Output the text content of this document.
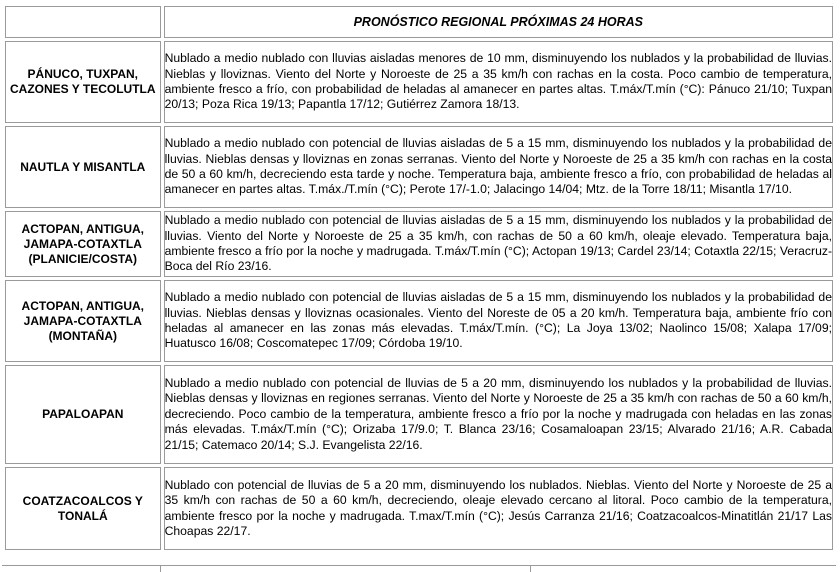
	PRONÓSTICO REGIONAL PRÓXIMAS 24 HORAS
PÁNUCO, TUXPAN, CAZONES Y TECOLUTLA	Nublado a medio nublado con lluvias aisladas menores de 10 mm, disminuyendo los nublados y la probabilidad de lluvias. Nieblas y lloviznas. Viento del Norte y Noroeste de 25 a 35 km/h con rachas en la costa. Poco cambio de temperatura, ambiente fresco a frío, con probabilidad de heladas al amanecer en partes altas. T.máx/T.mín (°C): Pánuco 21/10; Tuxpan 20/13; Poza Rica 19/13; Papantla 17/12; Gutiérrez Zamora 18/13.
NAUTLA Y MISANTLA	Nublado a medio nublado con potencial de lluvias aisladas de 5 a 15 mm, disminuyendo los nublados y la probabilidad de lluvias. Nieblas densas y lloviznas en zonas serranas. Viento del Norte y Noroeste de 25 a 35 km/h con rachas en la costa de 50 a 60 km/h, decreciendo esta tarde y noche. Temperatura baja, ambiente fresco a frío, con probabilidad de heladas al amanecer en partes altas. T.máx./T.mín (°C); Perote 17/-1.0; Jalacingo 14/04; Mtz. de la Torre 18/11; Misantla 17/10.
ACTOPAN, ANTIGUA, JAMAPA-COTAXTLA (PLANICIE/COSTA)	Nublado a medio nublado con potencial de lluvias aisladas de 5 a 15 mm, disminuyendo los nublados y la probabilidad de lluvias. Viento del Norte y Noroeste de 25 a 35 km/h, con rachas de 50 a 60 km/h, oleaje elevado. Temperatura baja, ambiente fresco a frío por la noche y madrugada. T.máx/T.mín (°C); Actopan 19/13; Cardel 23/14; Cotaxtla 22/15; Veracruz-Boca del Río 23/16.
ACTOPAN, ANTIGUA, JAMAPA-COTAXTLA (MONTAÑA)	Nublado a medio nublado con potencial de lluvias aisladas de 5 a 15 mm, disminuyendo los nublados y la probabilidad de lluvias. Nieblas densas y lloviznas ocasionales. Viento del Noreste de 05 a 20 km/h. Temperatura baja, ambiente frío con heladas al amanecer en las zonas más elevadas. T.máx/T.mín. (°C); La Joya 13/02; Naolinco 15/08; Xalapa 17/09; Huatusco 16/08; Coscomatepec 17/09; Córdoba 19/10.
PAPALOAPAN	Nublado a medio nublado con potencial de lluvias de 5 a 20 mm, disminuyendo los nublados y la probabilidad de lluvias. Nieblas densas y lloviznas en regiones serranas. Viento del Norte y Noroeste de 25 a 35 km/h con rachas de 50 a 60 km/h, decreciendo. Poco cambio de la temperatura, ambiente fresco a frío por la noche y madrugada con heladas en las zonas más elevadas. T.máx/T.mín (°C); Orizaba 17/9.0; T. Blanca 23/16; Cosamaloapan 23/15; Alvarado 21/16; A.R. Cabada 21/15; Catemaco 20/14; S.J. Evangelista 22/16.
COATZACOALCOS Y TONALÁ	Nublado con potencial de lluvias de 5 a 20 mm, disminuyendo los nublados. Nieblas. Viento del Norte y Noroeste de 25 a 35 km/h con rachas de 50 a 60 km/h, decreciendo, oleaje elevado cercano al litoral. Poco cambio de la temperatura, ambiente fresco por la noche y madrugada. T.max/T.mín (°C); Jesús Carranza 21/16; Coatzacoalcos-Minatitlán 21/17 Las Choapas 22/17.
